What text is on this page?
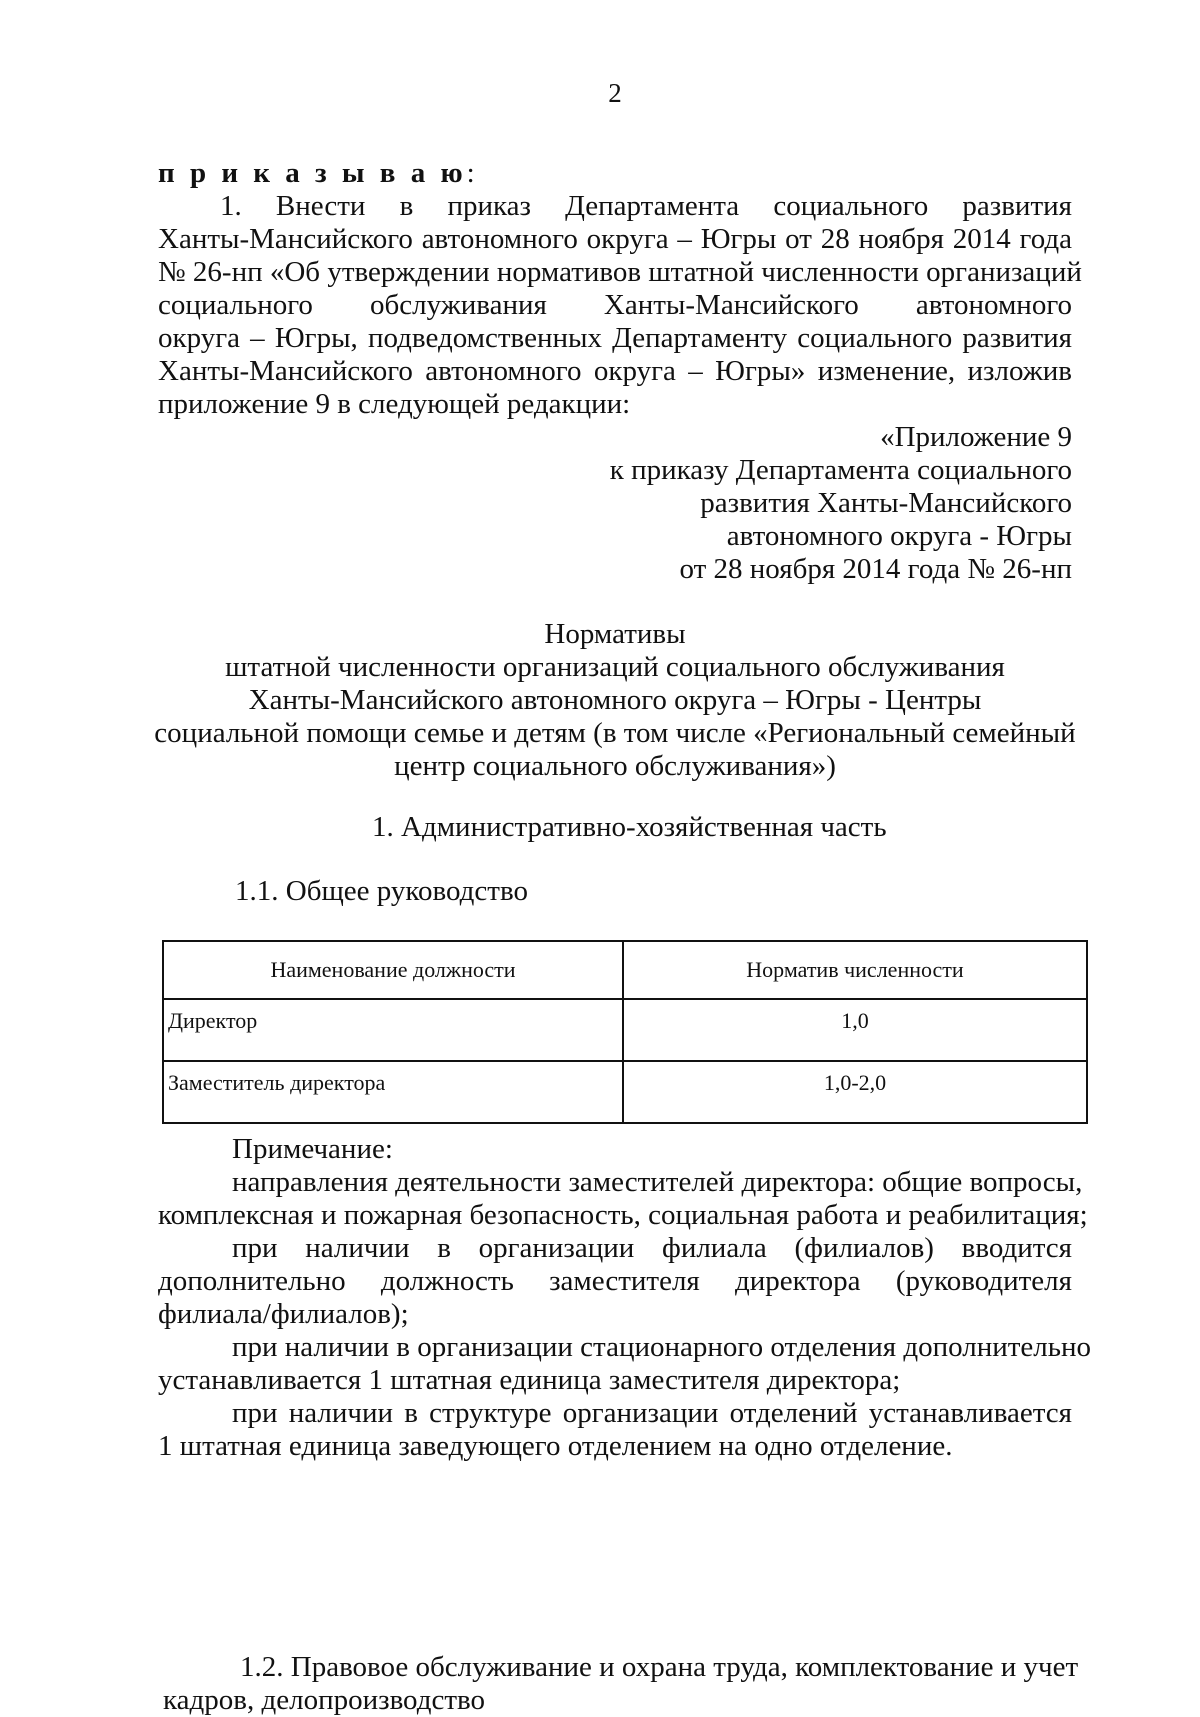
2
п р и к а з ы в а ю:
1. Внести в приказ Департамента социального развития
Ханты-Мансийского автономного округа – Югры от 28 ноября 2014 года
№ 26-нп «Об утверждении нормативов штатной численности организаций
социального обслуживания Ханты-Мансийского автономного
округа – Югры, подведомственных Департаменту социального развития
Ханты-Мансийского автономного округа – Югры» изменение, изложив
приложение 9 в следующей редакции:
«Приложение 9
к приказу Департамента социального
развития Ханты-Мансийского
автономного округа - Югры
от 28 ноября 2014 года № 26-нп
Нормативы
штатной численности организаций социального обслуживания
Ханты-Мансийского автономного округа – Югры - Центры
социальной помощи семье и детям (в том числе «Региональный семейный
центр социального обслуживания»)
1. Административно-хозяйственная часть
1.1. Общее руководство
Наименование должности	Норматив численности
Директор	1,0
Заместитель директора	1,0-2,0
Примечание:
направления деятельности заместителей директора: общие вопросы,
комплексная и пожарная безопасность, социальная работа и реабилитация;
при наличии в организации филиала (филиалов) вводится
дополнительно должность заместителя директора (руководителя
филиала/филиалов);
при наличии в организации стационарного отделения дополнительно
устанавливается 1 штатная единица заместителя директора;
при наличии в структуре организации отделений устанавливается
1 штатная единица заведующего отделением на одно отделение.
1.2. Правовое обслуживание и охрана труда, комплектование и учет
кадров, делопроизводство
